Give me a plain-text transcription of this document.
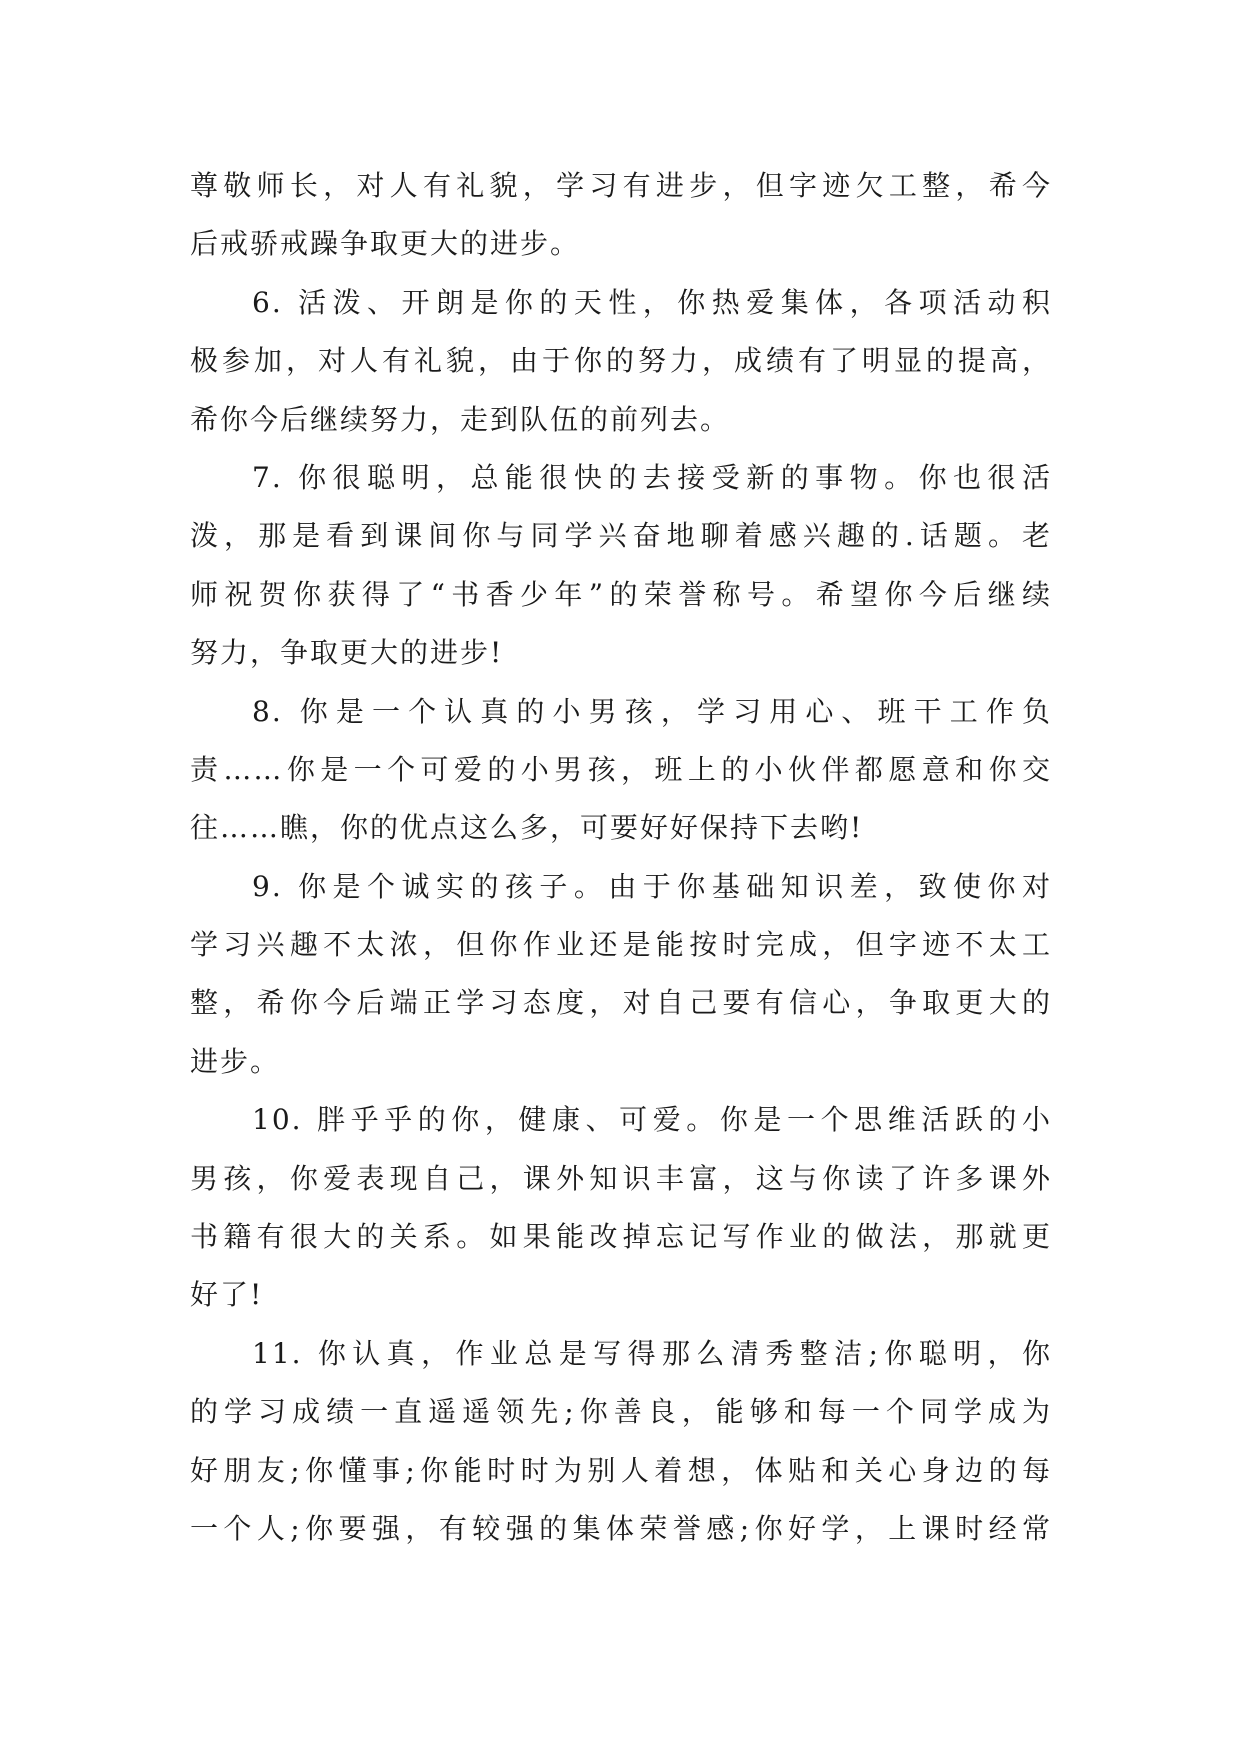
尊敬师长，对人有礼貌，学习有进步，但字迹欠工整，希今
后戒骄戒躁争取更大的进步。
6. 活泼、开朗是你的天性，你热爱集体，各项活动积
极参加，对人有礼貌，由于你的努力，成绩有了明显的提高，
希你今后继续努力，走到队伍的前列去。
7. 你很聪明，总能很快的去接受新的事物。你也很活
泼，那是看到课间你与同学兴奋地聊着感兴趣的.话题。老
师祝贺你获得了“书香少年”的荣誉称号。希望你今后继续
努力，争取更大的进步!
8. 你是一个认真的小男孩，学习用心、班干工作负
责……你是一个可爱的小男孩，班上的小伙伴都愿意和你交
往……瞧，你的优点这么多，可要好好保持下去哟!
9. 你是个诚实的孩子。由于你基础知识差，致使你对
学习兴趣不太浓，但你作业还是能按时完成，但字迹不太工
整，希你今后端正学习态度，对自己要有信心，争取更大的
进步。
10. 胖乎乎的你，健康、可爱。你是一个思维活跃的小
男孩，你爱表现自己，课外知识丰富，这与你读了许多课外
书籍有很大的关系。如果能改掉忘记写作业的做法，那就更
好了!
11. 你认真，作业总是写得那么清秀整洁;你聪明，你
的学习成绩一直遥遥领先;你善良，能够和每一个同学成为
好朋友;你懂事;你能时时为别人着想，体贴和关心身边的每
一个人;你要强，有较强的集体荣誉感;你好学，上课时经常
